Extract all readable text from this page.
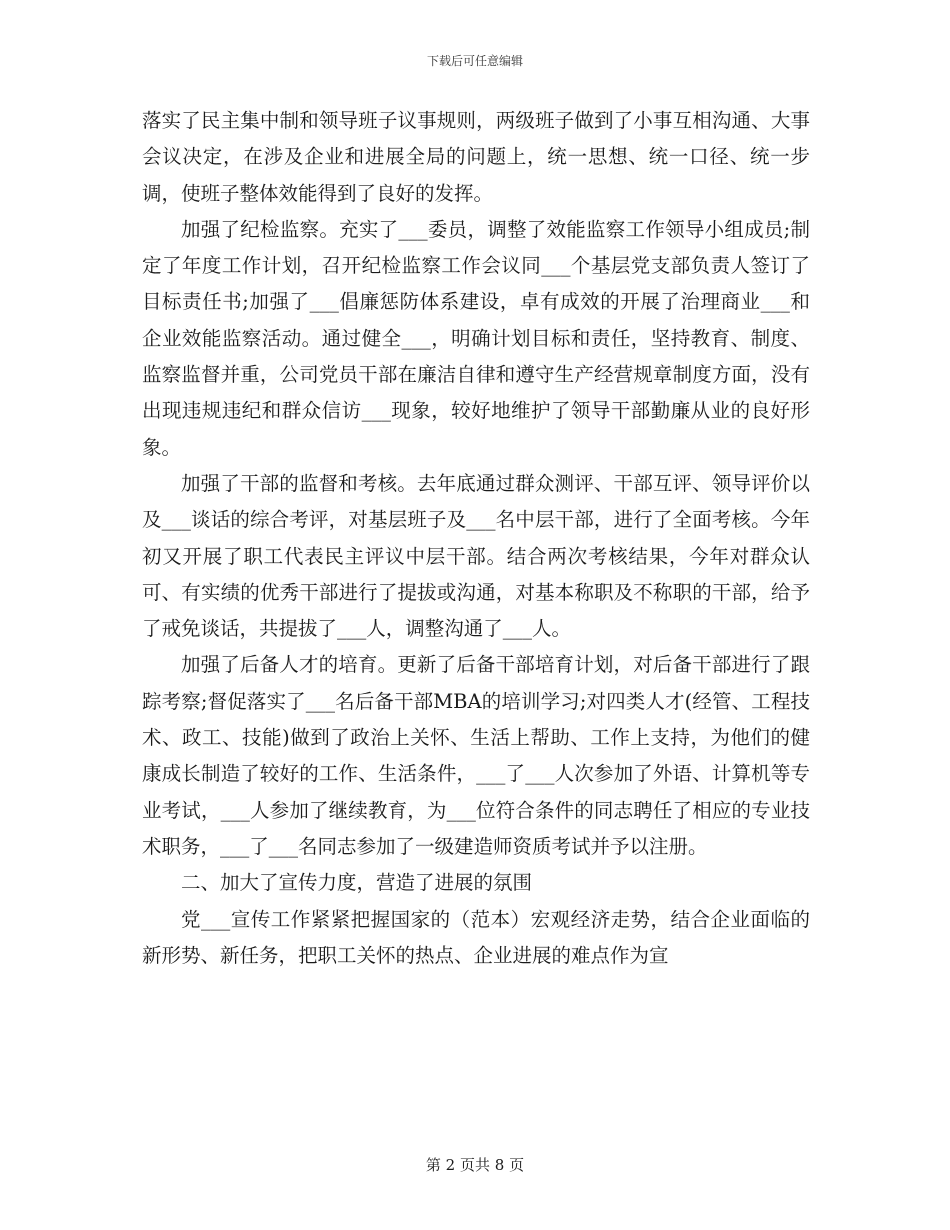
下载后可任意编辑

落实了民主集中制和领导班子议事规则，两级班子做到了小事互相沟通、大事会议决定，在涉及企业和进展全局的问题上，统一思想、统一口径、统一步调，使班子整体效能得到了良好的发挥。

加强了纪检监察。充实了___委员，调整了效能监察工作领导小组成员;制定了年度工作计划，召开纪检监察工作会议同___个基层党支部负责人签订了目标责任书;加强了___倡廉惩防体系建设，卓有成效的开展了治理商业___和企业效能监察活动。通过健全___，明确计划目标和责任，坚持教育、制度、监察监督并重，公司党员干部在廉洁自律和遵守生产经营规章制度方面，没有出现违规违纪和群众信访___现象，较好地维护了领导干部勤廉从业的良好形象。

加强了干部的监督和考核。去年底通过群众测评、干部互评、领导评价以及___谈话的综合考评，对基层班子及___名中层干部，进行了全面考核。今年初又开展了职工代表民主评议中层干部。结合两次考核结果，今年对群众认可、有实绩的优秀干部进行了提拔或沟通，对基本称职及不称职的干部，给予了戒免谈话，共提拔了___人，调整沟通了___人。

加强了后备人才的培育。更新了后备干部培育计划，对后备干部进行了跟踪考察;督促落实了___名后备干部MBA的培训学习;对四类人才(经管、工程技术、政工、技能)做到了政治上关怀、生活上帮助、工作上支持，为他们的健康成长制造了较好的工作、生活条件，___了___人次参加了外语、计算机等专业考试，___人参加了继续教育，为___位符合条件的同志聘任了相应的专业技术职务，___了___名同志参加了一级建造师资质考试并予以注册。

二、加大了宣传力度，营造了进展的氛围

党___宣传工作紧紧把握国家的（范本）宏观经济走势，结合企业面临的新形势、新任务，把职工关怀的热点、企业进展的难点作为宣

第 2 页共 8 页
